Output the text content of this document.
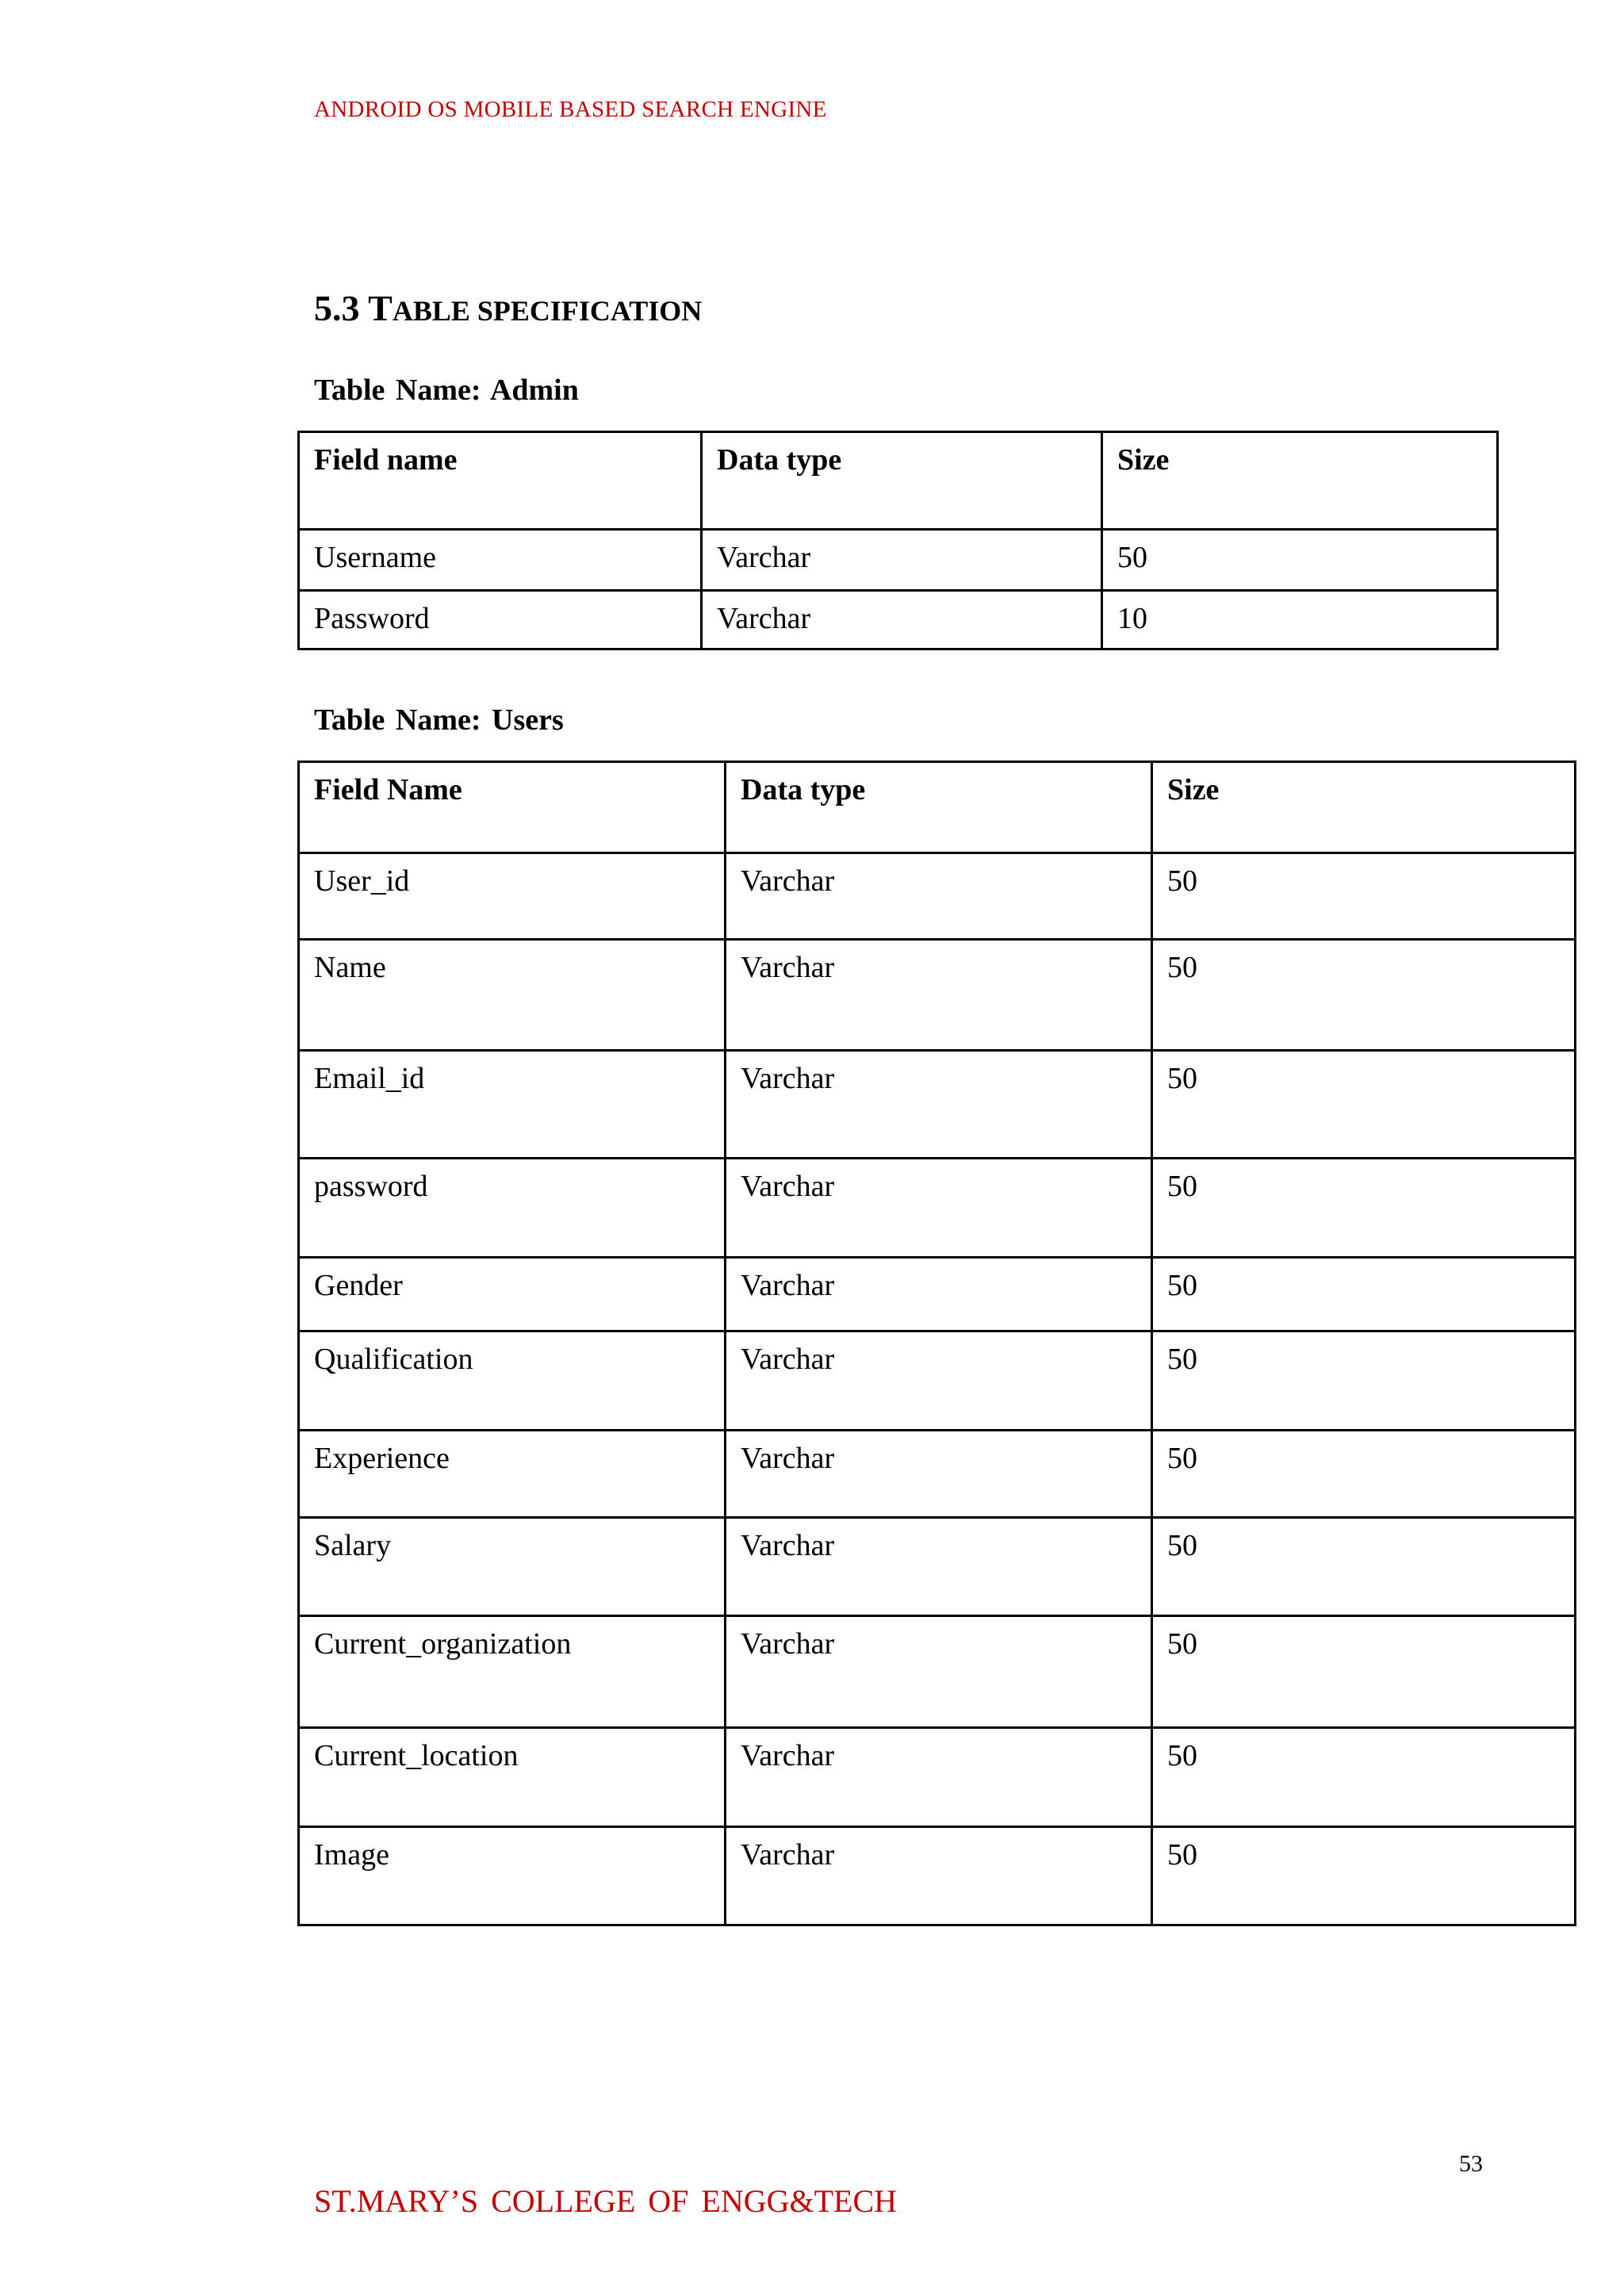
ANDROID OS MOBILE BASED SEARCH ENGINE
5.3 TABLE SPECIFICATION
Table Name: Admin
Field name	Data type	Size
Username	Varchar	50
Password	Varchar	10
Table Name: Users
Field Name	Data type	Size
User_id	Varchar	50
Name	Varchar	50
Email_id	Varchar	50
password	Varchar	50
Gender	Varchar	50
Qualification	Varchar	50
Experience	Varchar	50
Salary	Varchar	50
Current_organization	Varchar	50
Current_location	Varchar	50
Image	Varchar	50
53
ST.MARY’S COLLEGE OF ENGG&TECH
